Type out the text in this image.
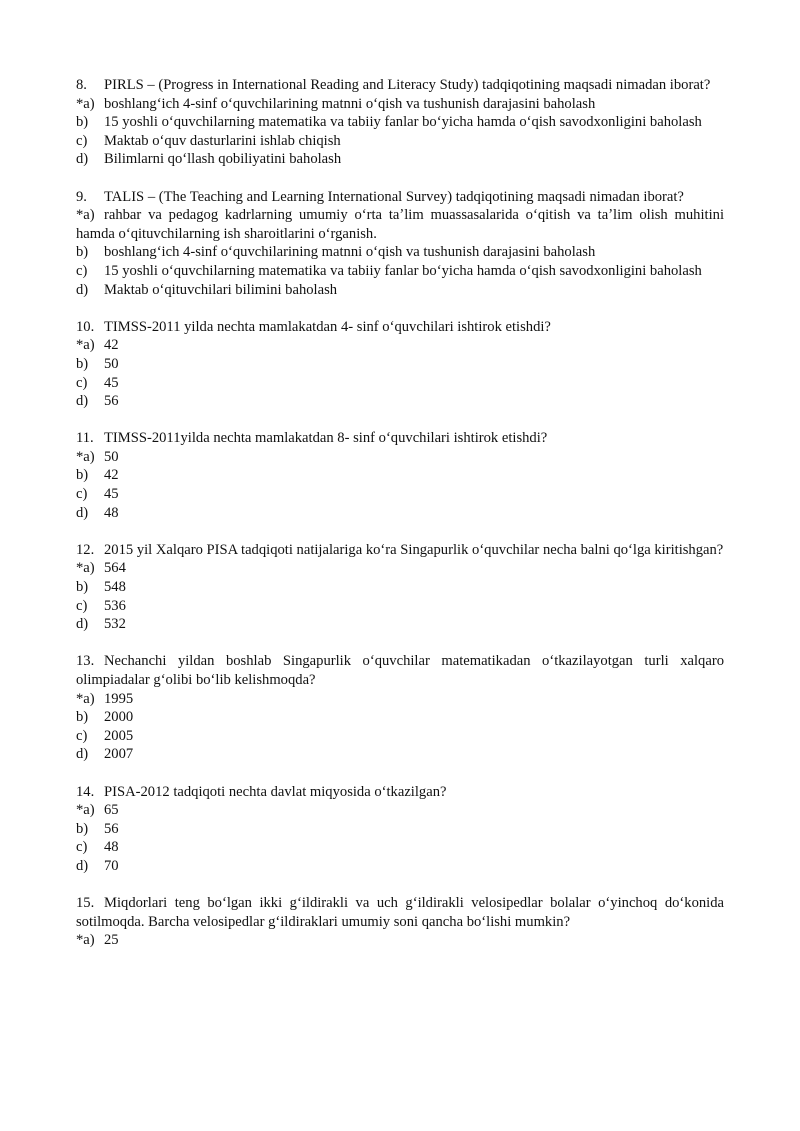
8. PIRLS – (Progress in International Reading and Literacy Study) tadqiqotining maqsadi nimadan iborat?
*a) boshlangʻich 4-sinf oʻquvchilarining matnni oʻqish va tushunish darajasini baholash
b) 15 yoshli oʻquvchilarning matematika va tabiiy fanlar boʻyicha hamda oʻqish savodxonligini baholash
c) Maktab oʻquv dasturlarini ishlab chiqish
d) Bilimlarni qoʻllash qobiliyatini baholash
9. TALIS – (The Teaching and Learning International Survey) tadqiqotining maqsadi nimadan iborat?
*a) rahbar va pedagog kadrlarning umumiy oʻrta taʼlim muassasalarida oʻqitish va taʼlim olish muhitini hamda oʻqituvchilarning ish sharoitlarini oʻrganish.
b) boshlangʻich 4-sinf oʻquvchilarining matnni oʻqish va tushunish darajasini baholash
c) 15 yoshli oʻquvchilarning matematika va tabiiy fanlar boʻyicha hamda oʻqish savodxonligini baholash
d) Maktab oʻqituvchilari bilimini baholash
10. TIMSS-2011 yilda nechta mamlakatdan 4- sinf oʻquvchilari ishtirok etishdi?
*a) 42
b) 50
c) 45
d) 56
11. TIMSS-2011yilda nechta mamlakatdan 8- sinf oʻquvchilari ishtirok etishdi?
*a) 50
b) 42
c) 45
d) 48
12. 2015 yil Xalqaro PISA tadqiqoti natijalariga koʻra Singapurlik oʻquvchilar necha balni qoʻlga kiritishgan?
*a) 564
b) 548
c) 536
d) 532
13. Nechanchi yildan boshlab Singapurlik oʻquvchilar matematikadan oʻtkazilayotgan turli xalqaro olimpiadalar gʻolibi boʻlib kelishmoqda?
*a) 1995
b) 2000
c) 2005
d) 2007
14. PISA-2012 tadqiqoti nechta davlat miqyosida oʻtkazilgan?
*a) 65
b) 56
c) 48
d) 70
15. Miqdorlari teng boʻlgan ikki gʻildirakli va uch gʻildirakli velosipedlar bolalar oʻyinchoq doʻkonida sotilmoqda. Barcha velosipedlar gʻildiraklari umumiy soni qancha boʻlishi mumkin?
*a) 25
